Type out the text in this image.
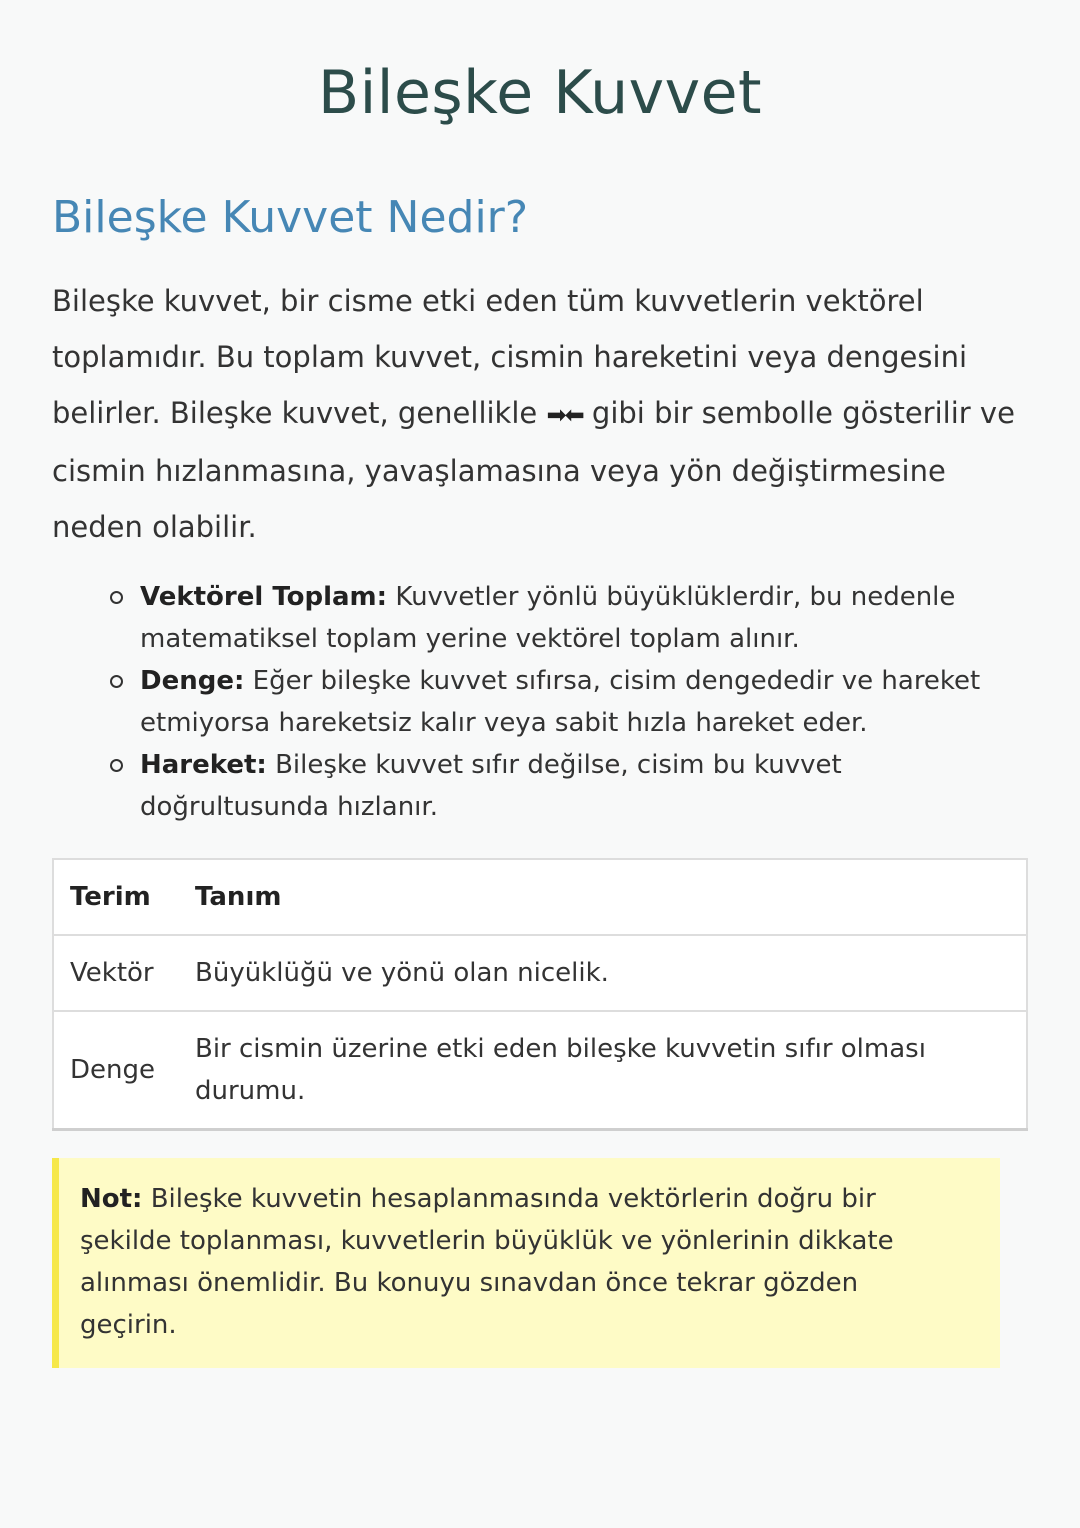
Bileşke Kuvvet
Bileşke Kuvvet Nedir?

Bileşke kuvvet, bir cisme etki eden tüm kuvvetlerin vektörel toplamıdır. Bu toplam kuvvet, cismin hareketini veya dengesini belirler. Bileşke kuvvet, genellikle ➡⬅ gibi bir sembolle gösterilir ve cismin hızlanmasına, yavaşlamasına veya yön değiştirmesine neden olabilir.

Vektörel Toplam: Kuvvetler yönlü büyüklüklerdir, bu nedenle matematiksel toplam yerine vektörel toplam alınır.
Denge: Eğer bileşke kuvvet sıfırsa, cisim dengededir ve hareket etmiyorsa hareketsiz kalır veya sabit hızla hareket eder.
Hareket: Bileşke kuvvet sıfır değilse, cisim bu kuvvet doğrultusunda hızlanır.
Terim	Tanım
Vektör	Büyüklüğü ve yönü olan nicelik.
Denge	Bir cismin üzerine etki eden bileşke kuvvetin sıfır olması durumu.
Not: Bileşke kuvvetin hesaplanmasında vektörlerin doğru bir şekilde toplanması, kuvvetlerin büyüklük ve yönlerinin dikkate alınması önemlidir. Bu konuyu sınavdan önce tekrar gözden geçirin.
